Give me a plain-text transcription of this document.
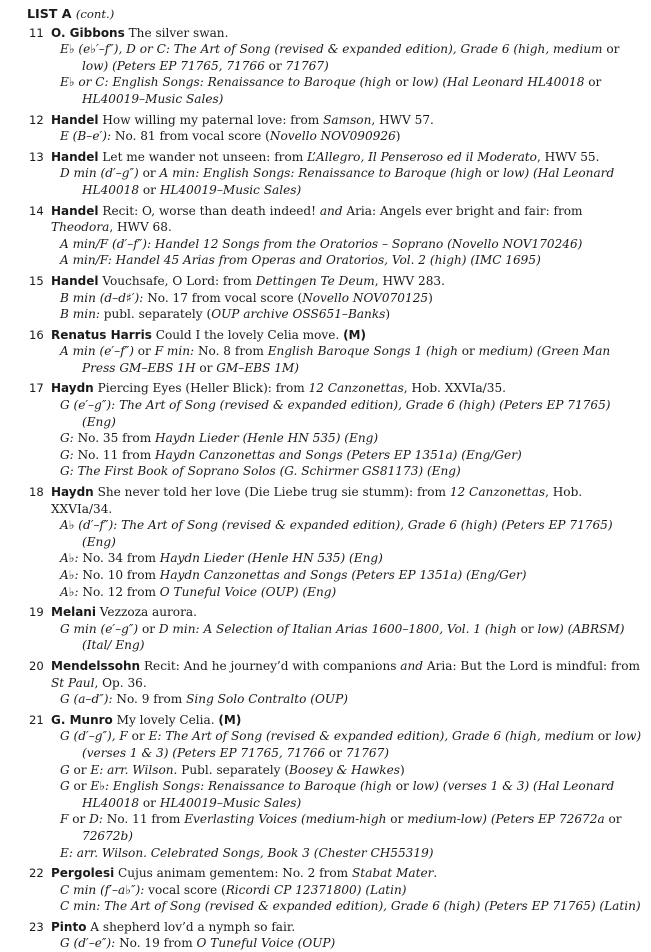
LIST A (cont.)
11 O. Gibbons The silver swan.
E♭ (e♭′–f″), D or C: The Art of Song (revised & expanded edition), Grade 6 (high, medium or low) (Peters EP 71765, 71766 or 71767)
E♭ or C: English Songs: Renaissance to Baroque (high or low) (Hal Leonard HL40018 or HL40019–Music Sales)
12 Handel How willing my paternal love: from Samson, HWV 57.
E (B–e′): No. 81 from vocal score (Novello NOV090926)
13 Handel Let me wander not unseen: from L’Allegro, Il Penseroso ed il Moderato, HWV 55.
D min (d′–g″) or A min: English Songs: Renaissance to Baroque (high or low) (Hal Leonard HL40018 or HL40019–Music Sales)
14 Handel Recit: O, worse than death indeed! and Aria: Angels ever bright and fair: from Theodora, HWV 68.
A min/F (d′–f″): Handel 12 Songs from the Oratorios – Soprano (Novello NOV170246)
A min/F: Handel 45 Arias from Operas and Oratorios, Vol. 2 (high) (IMC 1695)
15 Handel Vouchsafe, O Lord: from Dettingen Te Deum, HWV 283.
B min (d–d♯′): No. 17 from vocal score (Novello NOV070125)
B min: publ. separately (OUP archive OSS651–Banks)
16 Renatus Harris Could I the lovely Celia move. (M)
A min (e′–f″) or F min: No. 8 from English Baroque Songs 1 (high or medium) (Green Man Press GM–EBS 1H or GM–EBS 1M)
17 Haydn Piercing Eyes (Heller Blick): from 12 Canzonettas, Hob. XXVIa/35.
G (e′–g″): The Art of Song (revised & expanded edition), Grade 6 (high) (Peters EP 71765) (Eng)
G: No. 35 from Haydn Lieder (Henle HN 535) (Eng)
G: No. 11 from Haydn Canzonettas and Songs (Peters EP 1351a) (Eng/Ger)
G: The First Book of Soprano Solos (G. Schirmer GS81173) (Eng)
18 Haydn She never told her love (Die Liebe trug sie stumm): from 12 Canzonettas, Hob. XXVIa/34.
A♭ (d′–f″): The Art of Song (revised & expanded edition), Grade 6 (high) (Peters EP 71765) (Eng)
A♭: No. 34 from Haydn Lieder (Henle HN 535) (Eng)
A♭: No. 10 from Haydn Canzonettas and Songs (Peters EP 1351a) (Eng/Ger)
A♭: No. 12 from O Tuneful Voice (OUP) (Eng)
19 Melani Vezzoza aurora.
G min (e′–g″) or D min: A Selection of Italian Arias 1600–1800, Vol. 1 (high or low) (ABRSM) (Ital/ Eng)
20 Mendelssohn Recit: And he journey’d with companions and Aria: But the Lord is mindful: from St Paul, Op. 36.
G (a–d″): No. 9 from Sing Solo Contralto (OUP)
21 G. Munro My lovely Celia. (M)
G (d′–g″), F or E: The Art of Song (revised & expanded edition), Grade 6 (high, medium or low) (verses 1 & 3) (Peters EP 71765, 71766 or 71767)
G or E: arr. Wilson. Publ. separately (Boosey & Hawkes)
G or E♭: English Songs: Renaissance to Baroque (high or low) (verses 1 & 3) (Hal Leonard HL40018 or HL40019–Music Sales)
F or D: No. 11 from Everlasting Voices (medium-high or medium-low) (Peters EP 72672a or 72672b)
E: arr. Wilson. Celebrated Songs, Book 3 (Chester CH55319)
22 Pergolesi Cujus animam gementem: No. 2 from Stabat Mater.
C min (f′–a♭″): vocal score (Ricordi CP 12371800) (Latin)
C min: The Art of Song (revised & expanded edition), Grade 6 (high) (Peters EP 71765) (Latin)
23 Pinto A shepherd lov’d a nymph so fair.
G (d′–e″): No. 19 from O Tuneful Voice (OUP)
